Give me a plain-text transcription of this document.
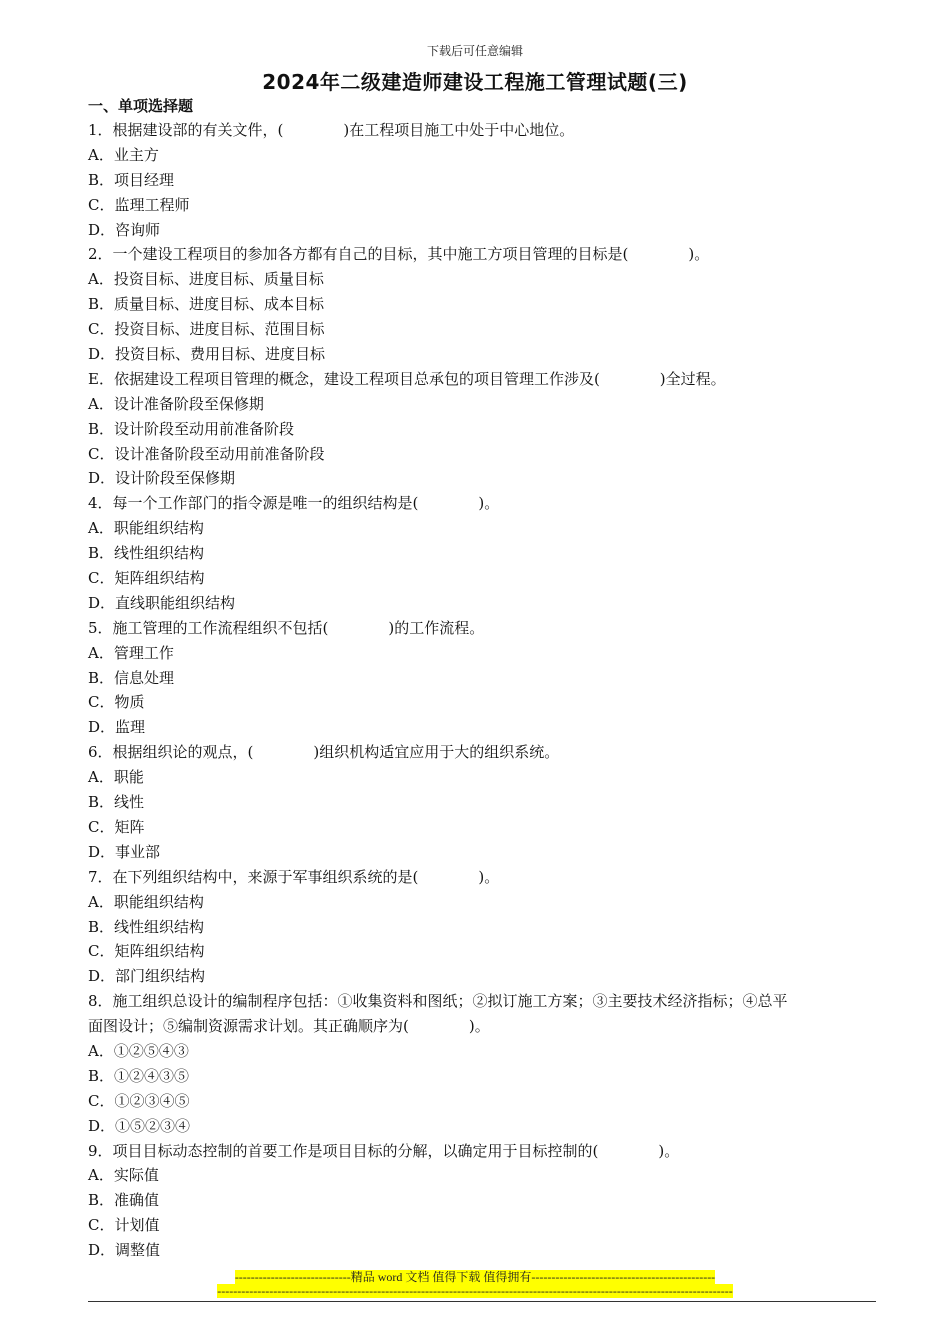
下载后可任意编辑
2024年二级建造师建设工程施工管理试题(三)
一、单项选择题
1．根据建设部的有关文件，(　　　　)在工程项目施工中处于中心地位。
A．业主方
B．项目经理
C．监理工程师
D．咨询师
2．一个建设工程项目的参加各方都有自己的目标，其中施工方项目管理的目标是(　　　　)。
A．投资目标、进度目标、质量目标
B．质量目标、进度目标、成本目标
C．投资目标、进度目标、范围目标
D．投资目标、费用目标、进度目标
E．依据建设工程项目管理的概念，建设工程项目总承包的项目管理工作涉及(　　　　)全过程。
A．设计准备阶段至保修期
B．设计阶段至动用前准备阶段
C．设计准备阶段至动用前准备阶段
D．设计阶段至保修期
4．每一个工作部门的指令源是唯一的组织结构是(　　　　)。
A．职能组织结构
B．线性组织结构
C．矩阵组织结构
D．直线职能组织结构
5．施工管理的工作流程组织不包括(　　　　)的工作流程。
A．管理工作
B．信息处理
C．物质
D．监理
6．根据组织论的观点，(　　　　)组织机构适宜应用于大的组织系统。
A．职能
B．线性
C．矩阵
D．事业部
7．在下列组织结构中，来源于军事组织系统的是(　　　　)。
A．职能组织结构
B．线性组织结构
C．矩阵组织结构
D．部门组织结构
8．施工组织总设计的编制程序包括：①收集资料和图纸；②拟订施工方案；③主要技术经济指标；④总平
面图设计；⑤编制资源需求计划。其正确顺序为(　　　　)。
A．①②⑤④③
B．①②④③⑤
C．①②③④⑤
D．①⑤②③④
9．项目目标动态控制的首要工作是项目目标的分解，以确定用于目标控制的(　　　　)。
A．实际值
B．准确值
C．计划值
D．调整值
-----------------------------精品 word 文档 值得下载 值得拥有----------------------------------------------
---------------------------------------------------------------------------------------------------------------------------------
